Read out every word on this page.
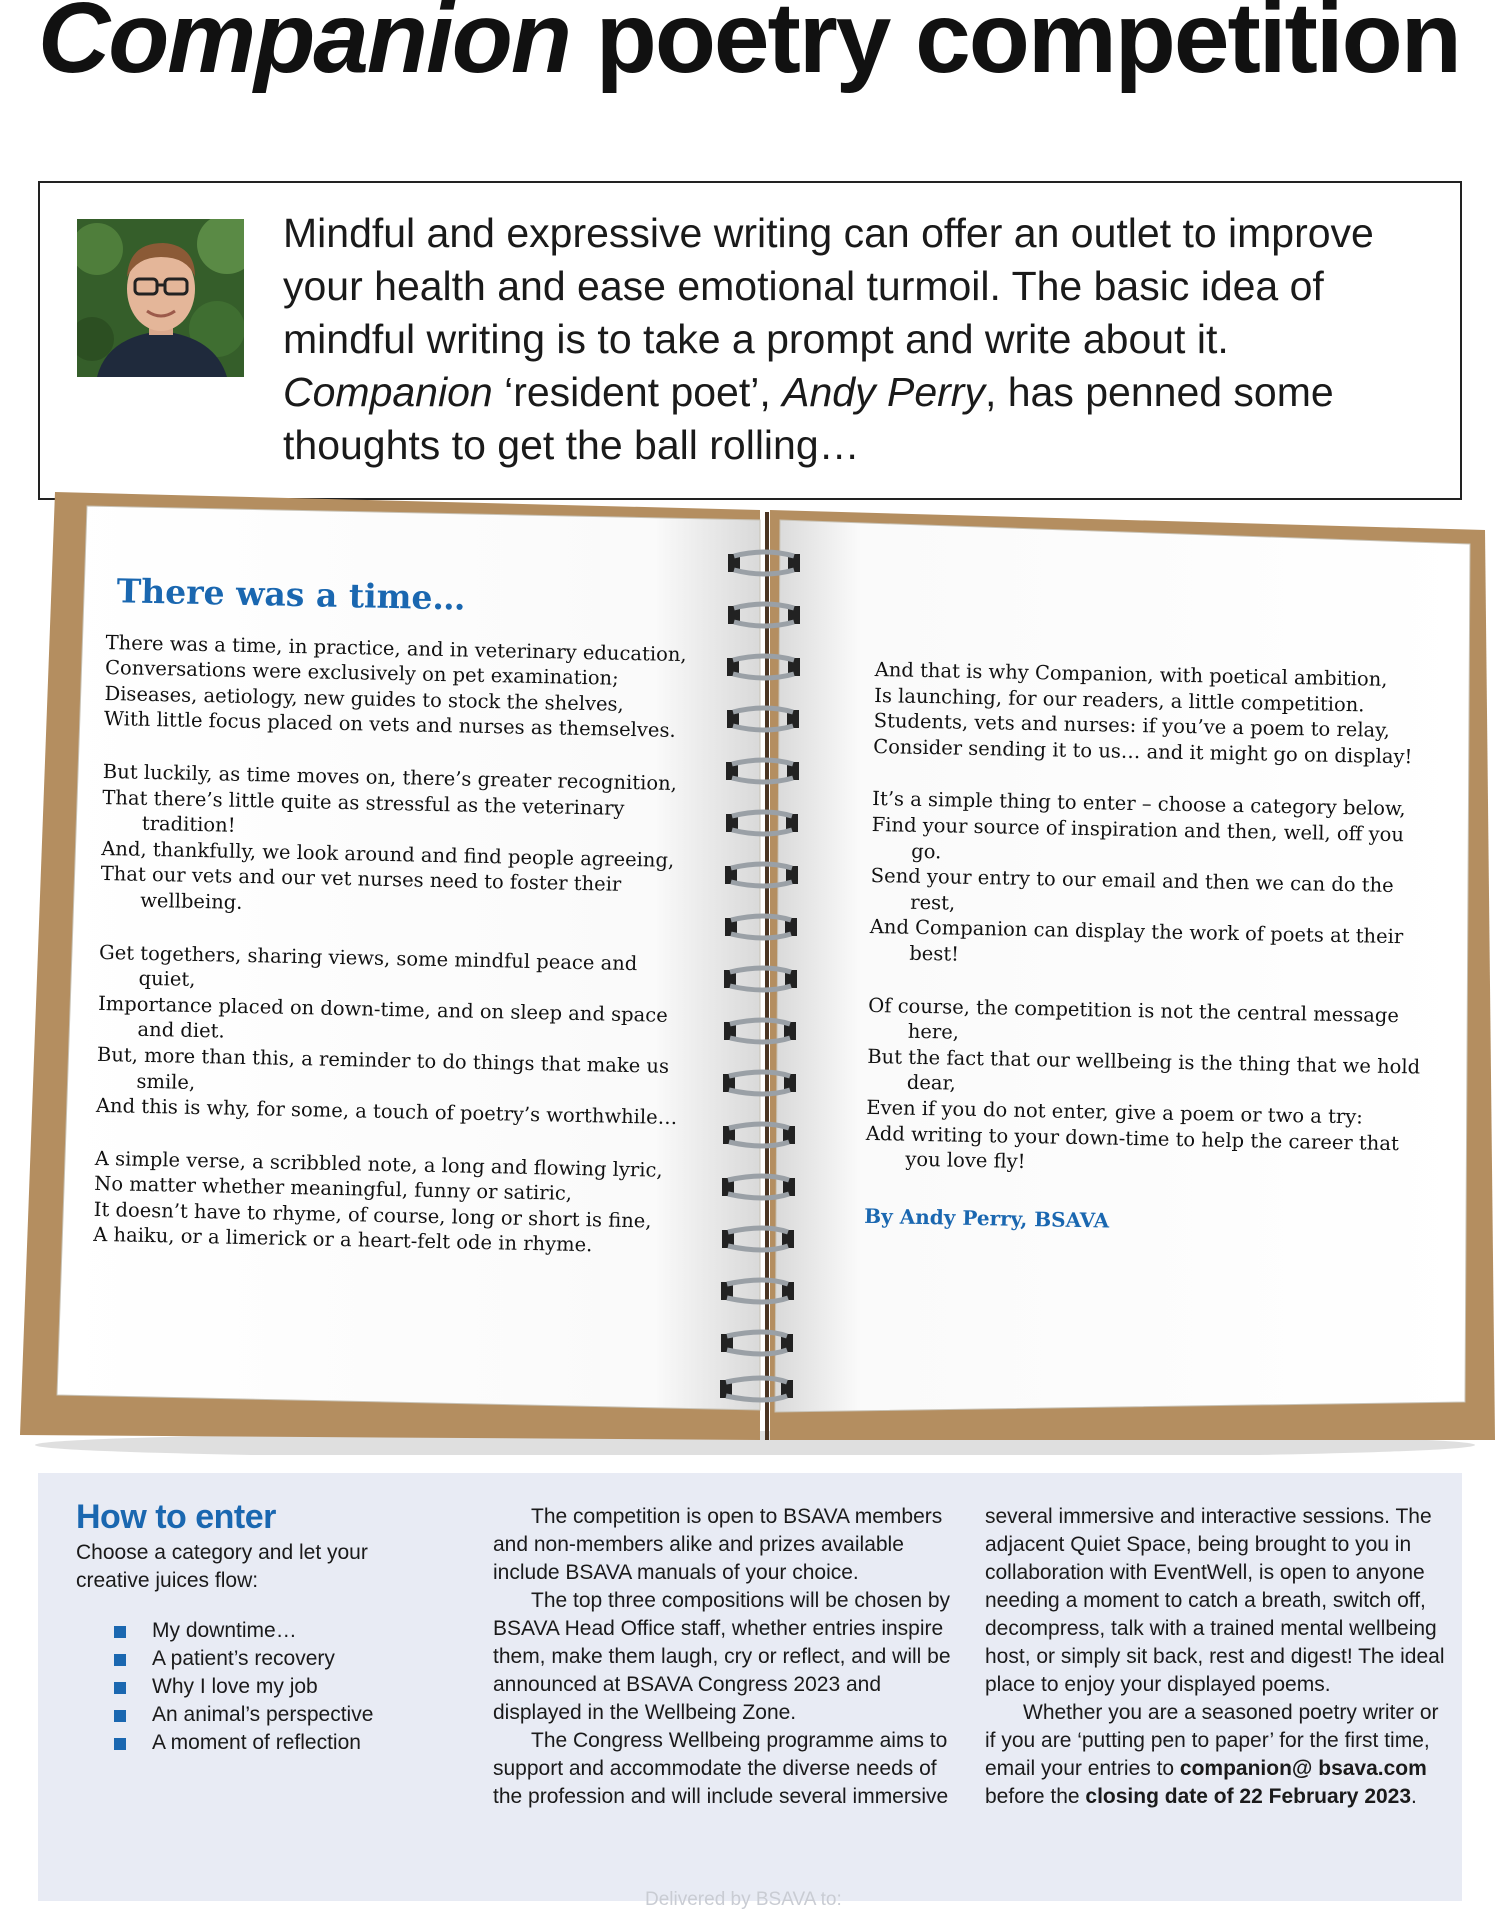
Companion poetry competition
Mindful and expressive writing can offer an outlet to improve your health and ease emotional turmoil. The basic idea of mindful writing is to take a prompt and write about it. Companion ‘resident poet’, Andy Perry, has penned some thoughts to get the ball rolling…
There was a time…

There was a time, in practice, and in veterinary education,
Conversations were exclusively on pet examination;
Diseases, aetiology, new guides to stock the shelves,
With little focus placed on vets and nurses as themselves.

But luckily, as time moves on, there’s greater recognition,
That there’s little quite as stressful as the veterinary tradition!
And, thankfully, we look around and find people agreeing,
That our vets and our vet nurses need to foster their wellbeing.

Get togethers, sharing views, some mindful peace and quiet,
Importance placed on down-time, and on sleep and space and diet.
But, more than this, a reminder to do things that make us smile,
And this is why, for some, a touch of poetry’s worthwhile…

A simple verse, a scribbled note, a long and flowing lyric,
No matter whether meaningful, funny or satiric,
It doesn’t have to rhyme, of course, long or short is fine,
A haiku, or a limerick or a heart-felt ode in rhyme.

And that is why Companion, with poetical ambition,
Is launching, for our readers, a little competition.
Students, vets and nurses: if you’ve a poem to relay,
Consider sending it to us… and it might go on display!

It’s a simple thing to enter – choose a category below,
Find your source of inspiration and then, well, off you go.
Send your entry to our email and then we can do the rest,
And Companion can display the work of poets at their best!

Of course, the competition is not the central message here,
But the fact that our wellbeing is the thing that we hold dear,
Even if you do not enter, give a poem or two a try:
Add writing to your down-time to help the career that you love fly!

By Andy Perry, BSAVA
How to enter

Choose a category and let your creative juices flow:

My downtime…
A patient’s recovery
Why I love my job
An animal’s perspective
A moment of reflection

The competition is open to BSAVA members and non-members alike and prizes available include BSAVA manuals of your choice.

The top three compositions will be chosen by BSAVA Head Office staff, whether entries inspire them, make them laugh, cry or reflect, and will be announced at BSAVA Congress 2023 and displayed in the Wellbeing Zone.

The Congress Wellbeing programme aims to support and accommodate the diverse needs of the profession and will include several immersive

several immersive and interactive sessions. The adjacent Quiet Space, being brought to you in collaboration with EventWell, is open to anyone needing a moment to catch a breath, switch off, decompress, talk with a trained mental wellbeing host, or simply sit back, rest and digest! The ideal place to enjoy your displayed poems.

Whether you are a seasoned poetry writer or if you are ‘putting pen to paper’ for the first time, email your entries to companion@ bsava.com before the closing date of 22 February 2023.

Delivered by BSAVA to:
